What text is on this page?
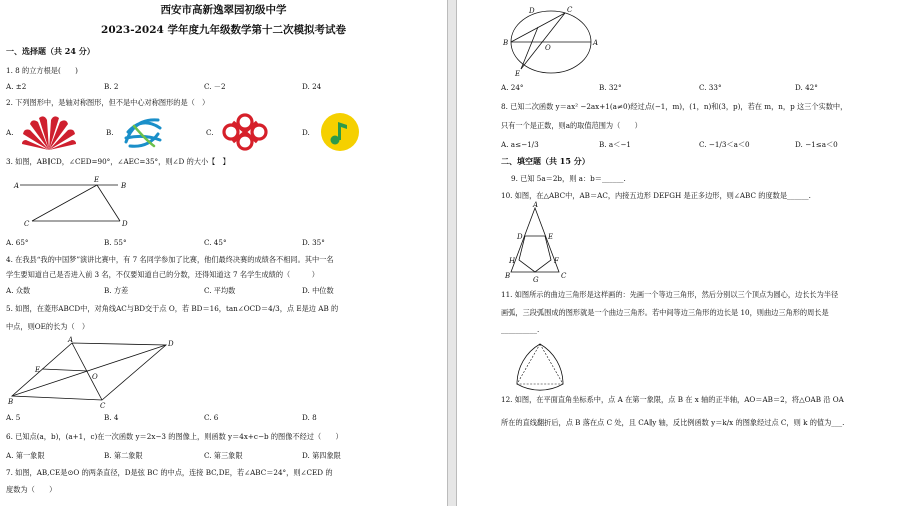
西安市高新逸翠园初级中学
2023-2024 学年度九年级数学第十二次模拟考试卷
一、选择题（共 24 分）
1. 8 的立方根是(　　)
A. ±2	B. 2	C. －2	D. 24
2. 下列图形中，是轴对称图形，但不是中心对称图形的是（　）
A.	B.	C.	D.
3. 如图，AB∥CD，∠CED=90°，∠AEC=35°，则∠D 的大小【　】
A
E
B
C	D
A. 65°	B. 55°	C. 45°	D. 35°
4. 在我县“我的中国梦”演讲比赛中，有 7 名同学参加了比赛，他们最终决赛的成绩各不相同。其中一名
学生要知道自己是否进入前 3 名，不仅要知道自己的分数，还得知道这 7 名学生成绩的（　　　）
A. 众数	B. 方差	C. 平均数	D. 中位数
5. 如图，在菱形ABCD中，对角线AC与BD交于点 O，若 BD＝16，tan∠OCD＝4/3，点 E是边 AB 的
中点，则OE的长为（　）
A	D
E
O
B	C
A. 5	B. 4	C. 6	D. 8
6. 已知点(a，b)，(a+1，c)在一次函数 y＝2x−3 的图像上，则函数 y＝4x+c−b 的图像不经过（　　）
A. 第一象限	B. 第二象限	C. 第三象限	D. 第四象限
7. 如图，AB,CE是⊙O 的两条直径，D是弦 BC 的中点，连接 BC,DE，若∠ABC＝24°，则∠CED 的
度数为（　　）
D	C
B
O
A
E
A. 24°	B. 32°	C. 33°	D. 42°
8. 已知二次函数 y＝ax² −2ax+1(a≠0)经过点(−1，m)，(1，n)和(3，p)，若在 m，n，p 这三个实数中，
只有一个是正数，则a的取值范围为（　　）
A. a≤−1/3	B. a＜−1	C. −1/3＜a＜0	D. −1≤a＜0
二、填空题（共 15 分）
9. 已知 5a＝2b，则 a：b＝______.
10. 如图，在△ABC中，AB＝AC，内接五边形 DEFGH 是正多边形，则∠ABC 的度数是______.
A
D	E
H	F
B	G	C
11. 如图所示的曲边三角形是这样画的：先画一个等边三角形，然后分别以三个顶点为圆心，边长长为半径
画弧，三段弧围成的图形就是一个曲边三角形。若中间等边三角形的边长是 10，则曲边三角形的周长是
__________.
12. 如图，在平面直角坐标系中，点 A 在第一象限，点 B 在 x 轴的正半轴，AO＝AB＝2，将△OAB 沿 OA
所在的直线翻折后，点 B 落在点 C 处，且 CA∥y 轴，反比例函数 y＝k/x 的图象经过点 C，则 k 的值为___.
